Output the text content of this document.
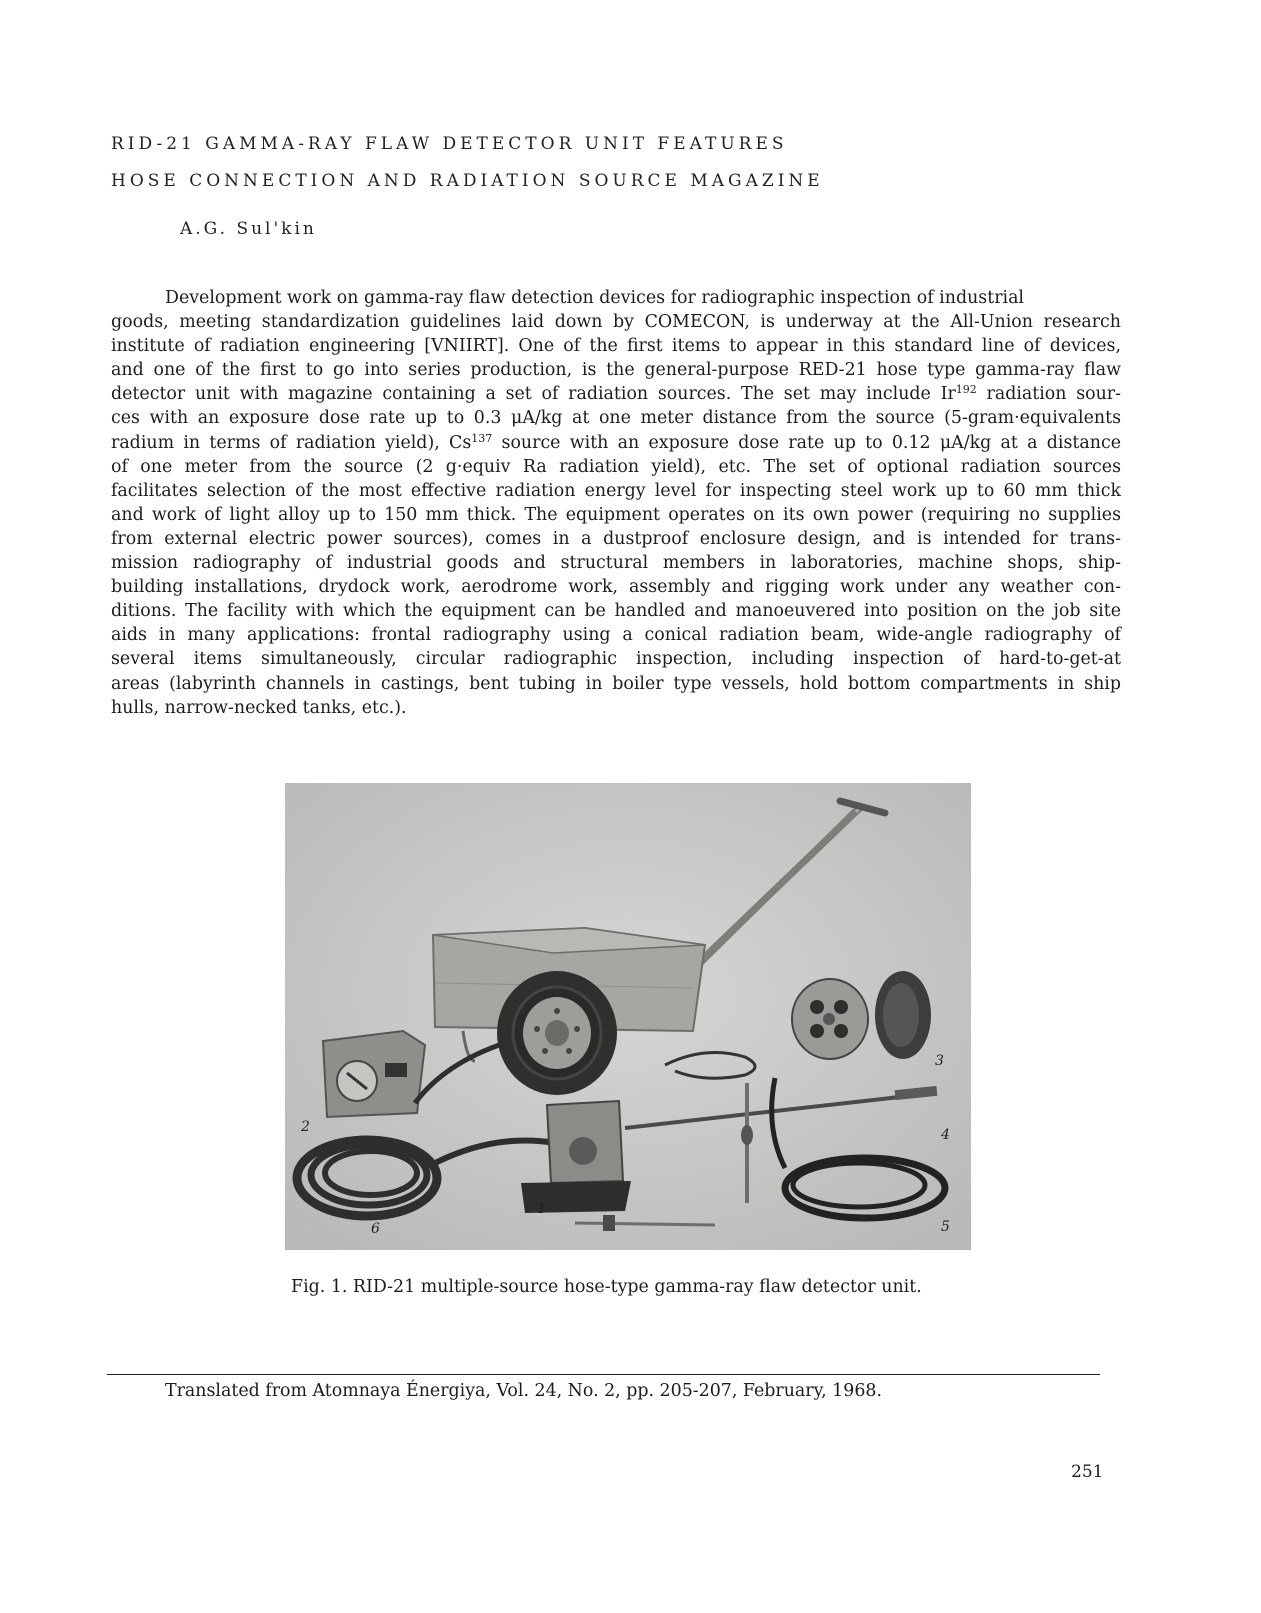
RID-21 GAMMA-RAY FLAW DETECTOR UNIT FEATURES
HOSE CONNECTION AND RADIATION SOURCE MAGAZINE

A.G. Sul'kin

Development work on gamma-ray flaw detection devices for radiographic inspection of industrial
goods, meeting standardization guidelines laid down by COMECON, is underway at the All-Union research
institute of radiation engineering [VNIIRT]. One of the first items to appear in this standard line of devices,
and one of the first to go into series production, is the general-purpose RED-21 hose type gamma-ray flaw
detector unit with magazine containing a set of radiation sources. The set may include Ir$^{192}$ radiation sour-
ces with an exposure dose rate up to 0.3 μA/kg at one meter distance from the source (5-gram·equivalents
radium in terms of radiation yield), Cs$^{137}$ source with an exposure dose rate up to 0.12 μA/kg at a distance
of one meter from the source (2 g·equiv Ra radiation yield), etc. The set of optional radiation sources
facilitates selection of the most effective radiation energy level for inspecting steel work up to 60 mm thick
and work of light alloy up to 150 mm thick. The equipment operates on its own power (requiring no supplies
from external electric power sources), comes in a dustproof enclosure design, and is intended for trans-
mission radiography of industrial goods and structural members in laboratories, machine shops, ship-
building installations, drydock work, aerodrome work, assembly and rigging work under any weather con-
ditions. The facility with which the equipment can be handled and manoeuvered into position on the job site
aids in many applications: frontal radiography using a conical radiation beam, wide-angle radiography of
several items simultaneously, circular radiographic inspection, including inspection of hard-to-get-at
areas (labyrinth channels in castings, bent tubing in boiler type vessels, hold bottom compartments in ship
hulls, narrow-necked tanks, etc.).
1
2
3
4
5
6

Fig. 1. RID-21 multiple-source hose-type gamma-ray flaw detector unit.

Translated from Atomnaya Énergiya, Vol. 24, No. 2, pp. 205-207, February, 1968.

251
